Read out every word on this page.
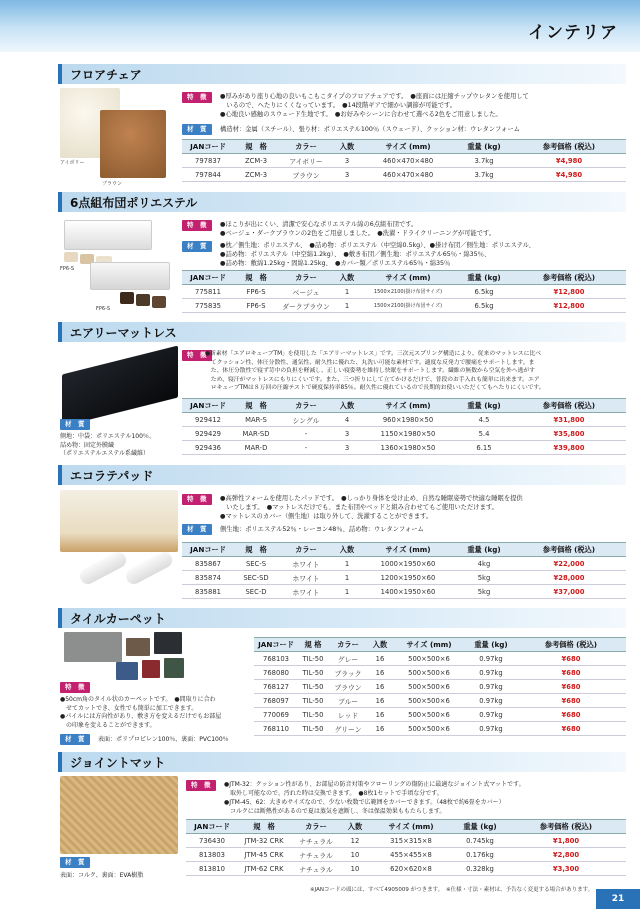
インテリア
フロアチェア
アイボリー
ブラウン
特　徴	●厚みがあり座り心地の良いもこもこタイプのフロアチェアです。　●座面には圧縮チップウレタンを使用して
　いるので、へたりにくくなっています。　●14段階ギアで細かい調節が可能です。
●心地良い感触のスウェード生地です。　●お好みやシーンに合わせて選べる2色をご用意しました。
材　質	構造材：金属（スチール）、張り材：ポリエステル100％（スウェード）、クッション材：ウレタンフォーム
JANコード	規　格	カラー	入数	サイズ (mm)	重量 (kg)	参考価格 (税込)
797837	ZCM-3	アイボリー	3	460×470×480	3.7kg	¥4,980
797844	ZCM-3	ブラウン	3	460×470×480	3.7kg	¥4,980
6点組布団ポリエステル
FP6-S
FP6-S
特　徴	●ほこりが出にくい、清潔で安心なポリエステル綿の6点組布団です。
●ベージュ・ダークブラウンの2色をご用意しました。　●洗濯・ドライクリーニングが可能です。
材　質	●枕／側生地：ポリエステル、　●詰め物：ポリエステル（中空綿0.5kg）、●掛け布団／側生地：ポリエステル、
●詰め物：ポリエステル（中空綿1.2kg）、　●敷き布団／側生地：ポリエステル65％・綿35％、
●詰め物：敷綿1.25kg・固綿1.25kg、　●カバー類／ポリエステル65％・綿35％
JANコード	規　格	カラー	入数	サイズ (mm)	重量 (kg)	参考価格 (税込)
775811	FP6-S	ベージュ	1	1500×2100(掛け布団サイズ)	6.5kg	¥12,800
775835	FP6-S	ダークブラウン	1	1500×2100(掛け布団サイズ)	6.5kg	¥12,800
エアリーマットレス
特　徴
●新素材「エアロキューブTM」を使用した「エアリーマットレス」です。三次元スプリング構造により、従来のマットレスに比べ
　てクッション性、体圧分散性、通気性、耐久性に優れた、丸洗い可能な素材です。適度な反発力で腰痛をサポートします。ま
　た、体圧分散性で寝ず苛中の負担を軽減し、正しい寝姿勢を維持し快眠をサポートします。繊維の無数から空気を外へ逃がす
　ため、寝汗がマットレスにもりにくいです。また、三つ折りにして立てかけるだけで、普段のお手入れも簡単に出来ます。エア
　ロキューブTMは８万回の圧縮テストで硬度保持率85％。耐久性に優れているので長期的お使いいただくてもへたりにくいです。
材　質
側地：中袋：ポリエステル100％、
詰め物：固定外膜繊
（ポリエステルエステル系繊維）
JANコード	規　格	カラー	入数	サイズ (mm)	重量 (kg)	参考価格 (税込)
929412	MAR-S	シングル	4	960×1980×50	4.5	¥31,800
929429	MAR-SD	-	3	1150×1980×50	5.4	¥35,800
929436	MAR-D	-	3	1360×1980×50	6.15	¥39,800
エコラテパッド
特　徴	●高弾性フォームを使用したパッドです。　●しっかり身体を受け止め、自然な睡眠姿勢で快適な睡眠を提供
　いたします。　●マットレスだけでも、また布団やベッドと組み合わせてもご使用いただけます。
●マットレスのカバー（側生地）は取り外して、洗濯することができます。
材　質	側生地：ポリエステル52％・レーヨン48％、詰め物：ウレタンフォーム
JANコード	規　格	カラー	入数	サイズ (mm)	重量 (kg)	参考価格 (税込)
835867	SEC-S	ホワイト	1	1000×1950×60	4kg	¥22,000
835874	SEC-SD	ホワイト	1	1200×1950×60	5kg	¥28,000
835881	SEC-D	ホワイト	1	1400×1950×60	5kg	¥37,000
タイルカーペット
特　徴
●50cm角のタイル状のカーペットです。　●間取りに合わ
　せてカットでき、女性でも簡単に加工できます。
●パイルには方向性があり、敷き方を変えるだけでもお部屋
　の印象を変えることができます。
材　質	表面：ポリプロピレン100％、裏面：PVC100％
JANコード	規 格	カラー	入数	サイズ (mm)	重量 (kg)	参考価格 (税込)
768103	TIL-50	グレー	16	500×500×6	0.97kg	¥680
768080	TIL-50	ブラック	16	500×500×6	0.97kg	¥680
768127	TIL-50	ブラウン	16	500×500×6	0.97kg	¥680
768097	TIL-50	ブルー	16	500×500×6	0.97kg	¥680
770069	TIL-50	レッド	16	500×500×6	0.97kg	¥680
768110	TIL-50	グリーン	16	500×500×6	0.97kg	¥680
ジョイントマット
特　徴	●JTM-32：クッション性があり、お部屋の防音対策やフローリングの傷防止に最適なジョイント式マットです。
　取外し可能なので、汚れた時は交換できます。　●8枚1セットで手頃な分です。
●JTM-45、62：大きめサイズなので、少ない枚数で広範囲をカバーできます。（48枚で約6畳をカバー）
　コルクには断熱性があるので夏は蒸気を遮断し、冬は保温効果ももたらします。
材　質
表面：コルク、裏面：EVA樹脂
JANコード	規　格	カラー	入数	サイズ (mm)	重量 (kg)	参考価格 (税込)
736430	JTM-32 CRK	ナチュラル	12	315×315×8	0.745kg	¥1,800
813803	JTM-45 CRK	ナチュラル	10	455×455×8	0.176kg	¥2,800
813810	JTM-62 CRK	ナチュラル	10	620×620×8	0.328kg	¥3,300
※JANコードの頭には、すべて4905009 がつきます。　※仕様・寸法・素材は、予告なく変更する場合があります。
21
